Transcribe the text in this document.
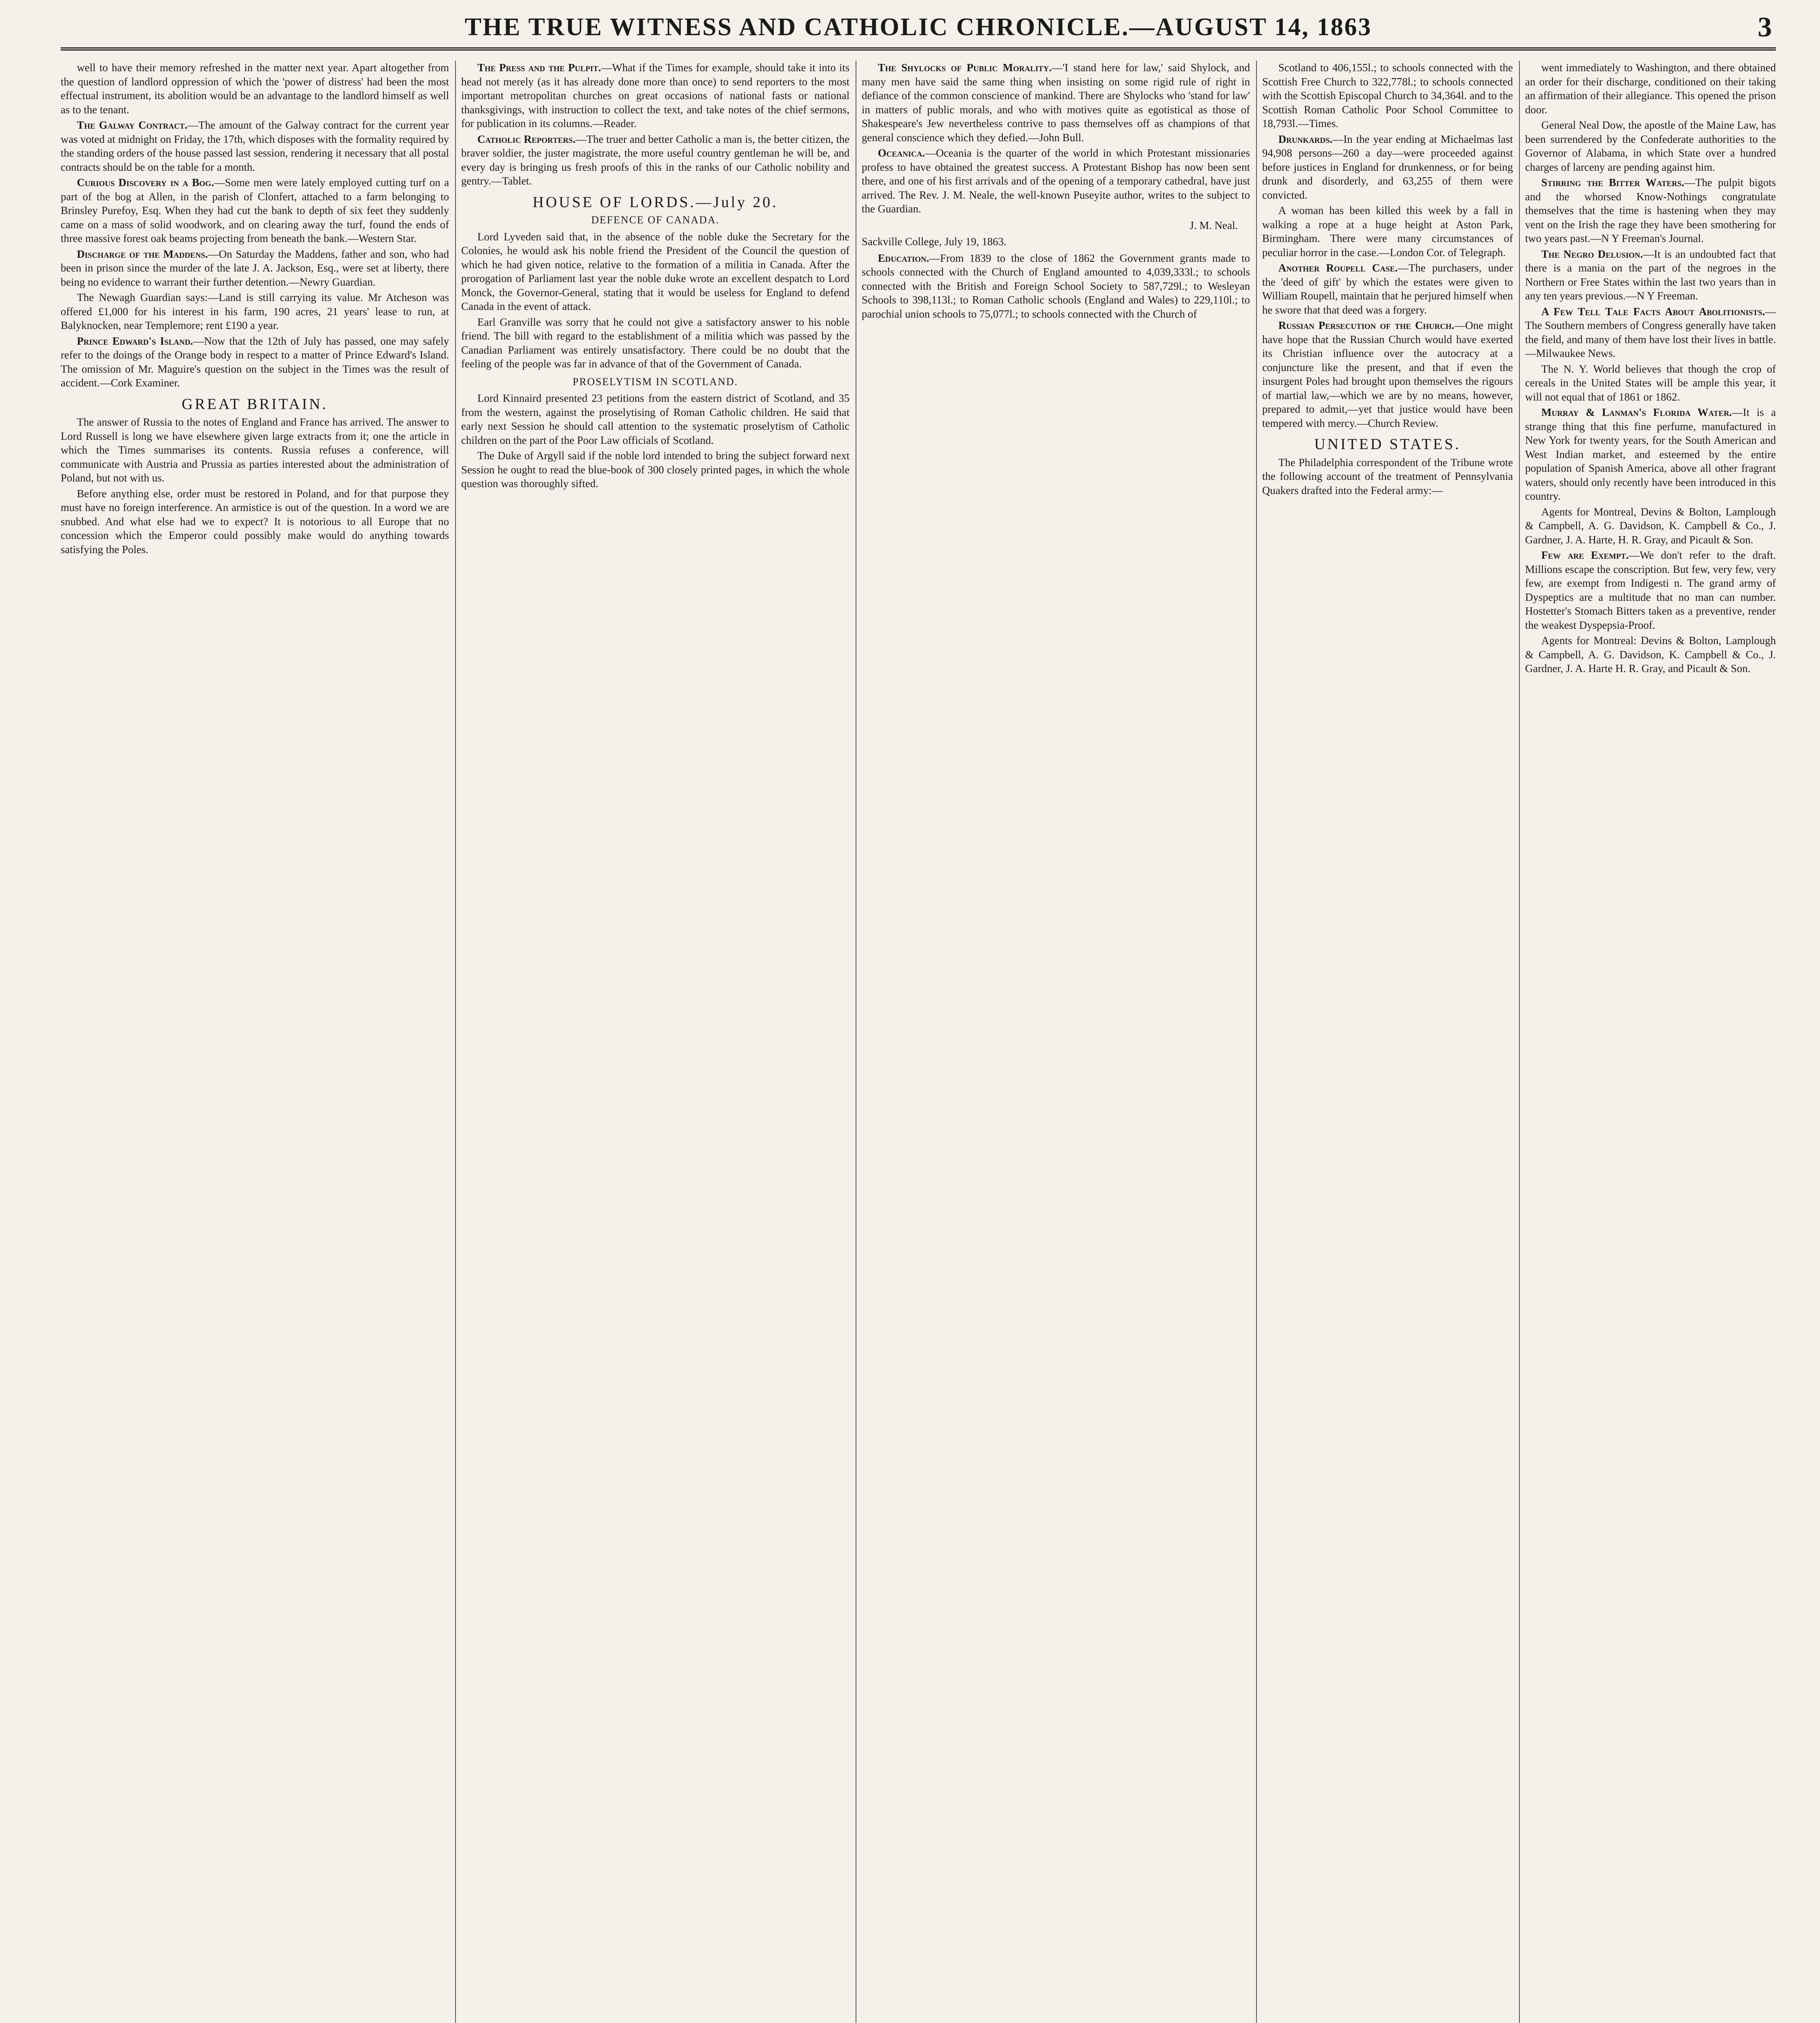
THE TRUE WITNESS AND CATHOLIC CHRONICLE.—AUGUST 14, 1863	3

well to have their memory refreshed in the matter next year. Apart altogether from the question of landlord oppression of which the 'power of distress' had been the most effectual instrument, its abolition would be an advantage to the landlord himself as well as to the tenant.

The Galway Contract.—The amount of the Galway contract for the current year was voted at midnight on Friday, the 17th, which disposes with the formality required by the standing orders of the house passed last session, rendering it necessary that all postal contracts should be on the table for a month.

Curious Discovery in a Bog.—Some men were lately employed cutting turf on a part of the bog at Allen, in the parish of Clonfert, attached to a farm belonging to Brinsley Purefoy, Esq. When they had cut the bank to depth of six feet they suddenly came on a mass of solid woodwork, and on clearing away the turf, found the ends of three massive forest oak beams projecting from beneath the bank.—Western Star.

Discharge of the Maddens.—On Saturday the Maddens, father and son, who had been in prison since the murder of the late J. A. Jackson, Esq., were set at liberty, there being no evidence to warrant their further detention.—Newry Guardian.

The Newagh Guardian says:—Land is still carrying its value. Mr Atcheson was offered £1,000 for his interest in his farm, 190 acres, 21 years' lease to run, at Balyknocken, near Templemore; rent £190 a year.

Prince Edward's Island.—Now that the 12th of July has passed, one may safely refer to the doings of the Orange body in respect to a matter of Prince Edward's Island. The omission of Mr. Maguire's question on the subject in the Times was the result of accident.—Cork Examiner.

GREAT BRITAIN.

The answer of Russia to the notes of England and France has arrived. The answer to Lord Russell is long we have elsewhere given large extracts from it; one the article in which the Times summarises its contents. Russia refuses a conference, will communicate with Austria and Prussia as parties interested about the administration of Poland, but not with us.

Before anything else, order must be restored in Poland, and for that purpose they must have no foreign interference. An armistice is out of the question. In a word we are snubbed. And what else had we to expect? It is notorious to all Europe that no concession which the Emperor could possibly make would do anything towards satisfying the Poles.

The Press and the Pulpit.—What if the Times for example, should take it into its head not merely (as it has already done more than once) to send reporters to the most important metropolitan churches on great occasions of national fasts or national thanksgivings, with instruction to collect the text, and take notes of the chief sermons, for publication in its columns.—Reader.

Catholic Reporters.—The truer and better Catholic a man is, the better citizen, the braver soldier, the juster magistrate, the more useful country gentleman he will be, and every day is bringing us fresh proofs of this in the ranks of our Catholic nobility and gentry.—Tablet.

HOUSE OF LORDS.—July 20.
DEFENCE OF CANADA.

Lord Lyveden said that, in the absence of the noble duke the Secretary for the Colonies, he would ask his noble friend the President of the Council the question of which he had given notice, relative to the formation of a militia in Canada. After the prorogation of Parliament last year the noble duke wrote an excellent despatch to Lord Monck, the Governor-General, stating that it would be useless for England to defend Canada in the event of attack.

Earl Granville was sorry that he could not give a satisfactory answer to his noble friend. The bill with regard to the establishment of a militia which was passed by the Canadian Parliament was entirely unsatisfactory. There could be no doubt that the feeling of the people was far in advance of that of the Government of Canada.

PROSELYTISM IN SCOTLAND.

Lord Kinnaird presented 23 petitions from the eastern district of Scotland, and 35 from the western, against the proselytising of Roman Catholic children. He said that early next Session he should call attention to the systematic proselytism of Catholic children on the part of the Poor Law officials of Scotland.

The Duke of Argyll said if the noble lord intended to bring the subject forward next Session he ought to read the blue-book of 300 closely printed pages, in which the whole question was thoroughly sifted.

The Shylocks of Public Morality.—'I stand here for law,' said Shylock, and many men have said the same thing when insisting on some rigid rule of right in defiance of the common conscience of mankind. There are Shylocks who 'stand for law' in matters of public morals, and who with motives quite as egotistical as those of Shakespeare's Jew nevertheless contrive to pass themselves off as champions of that general conscience which they defied.—John Bull.

Oceanica.—Oceania is the quarter of the world in which Protestant missionaries profess to have obtained the greatest success. A Protestant Bishop has now been sent there, and one of his first arrivals and of the opening of a temporary cathedral, have just arrived. The Rev. J. M. Neale, the well-known Puseyite author, writes to the subject to the Guardian.

J. M. Neal.
Sackville College, July 19, 1863.

Education.—From 1839 to the close of 1862 the Government grants made to schools connected with the Church of England amounted to 4,039,333l.; to schools connected with the British and Foreign School Society to 587,729l.; to Wesleyan Schools to 398,113l.; to Roman Catholic schools (England and Wales) to 229,110l.; to parochial union schools to 75,077l.; to schools connected with the Church of

Scotland to 406,155l.; to schools connected with the Scottish Free Church to 322,778l.; to schools connected with the Scottish Episcopal Church to 34,364l. and to the Scottish Roman Catholic Poor School Committee to 18,793l.—Times.

Drunkards.—In the year ending at Michaelmas last 94,908 persons—260 a day—were proceeded against before justices in England for drunkenness, or for being drunk and disorderly, and 63,255 of them were convicted.

A woman has been killed this week by a fall in walking a rope at a huge height at Aston Park, Birmingham. There were many circumstances of peculiar horror in the case.—London Cor. of Telegraph.

Another Roupell Case.—The purchasers, under the 'deed of gift' by which the estates were given to William Roupell, maintain that he perjured himself when he swore that that deed was a forgery.

Russian Persecution of the Church.—One might have hope that the Russian Church would have exerted its Christian influence over the autocracy at a conjuncture like the present, and that if even the insurgent Poles had brought upon themselves the rigours of martial law,—which we are by no means, however, prepared to admit,—yet that justice would have been tempered with mercy.—Church Review.

UNITED STATES.

The Philadelphia correspondent of the Tribune wrote the following account of the treatment of Pennsylvania Quakers drafted into the Federal army:—

went immediately to Washington, and there obtained an order for their discharge, conditioned on their taking an affirmation of their allegiance. This opened the prison door.

General Neal Dow, the apostle of the Maine Law, has been surrendered by the Confederate authorities to the Governor of Alabama, in which State over a hundred charges of larceny are pending against him.

Stirring the Bitter Waters.—The pulpit bigots and the whorsed Know-Nothings congratulate themselves that the time is hastening when they may vent on the Irish the rage they have been smothering for two years past.—N Y Freeman's Journal.

The Negro Delusion.—It is an undoubted fact that there is a mania on the part of the negroes in the Northern or Free States within the last two years than in any ten years previous.—N Y Freeman.

A Few Tell Tale Facts About Abolitionists.—The Southern members of Congress generally have taken the field, and many of them have lost their lives in battle.—Milwaukee News.

The N. Y. World believes that though the crop of cereals in the United States will be ample this year, it will not equal that of 1861 or 1862.

Murray & Lanman's Florida Water.—It is a strange thing that this fine perfume, manufactured in New York for twenty years, for the South American and West Indian market, and esteemed by the entire population of Spanish America, above all other fragrant waters, should only recently have been introduced in this country.

Agents for Montreal, Devins & Bolton, Lamplough & Campbell, A. G. Davidson, K. Campbell & Co., J. Gardner, J. A. Harte, H. R. Gray, and Picault & Son.

Few are Exempt.—We don't refer to the draft. Millions escape the conscription. But few, very few, very few, are exempt from Indigesti n. The grand army of Dyspeptics are a multitude that no man can number. Hostetter's Stomach Bitters taken as a preventive, render the weakest Dyspepsia-Proof.

Agents for Montreal: Devins & Bolton, Lamplough & Campbell, A. G. Davidson, K. Campbell & Co., J. Gardner, J. A. Harte H. R. Gray, and Picault & Son.
